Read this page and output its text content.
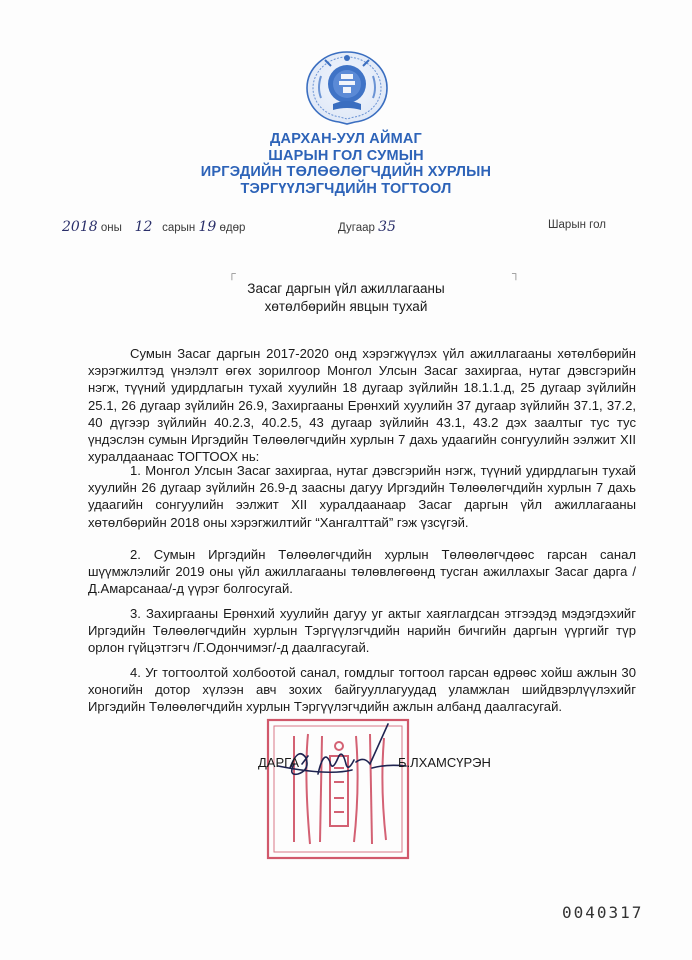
ДАРХАН-УУЛ АЙМАГ
ШАРЫН ГОЛ СУМЫН
ИРГЭДИЙН ТӨЛӨӨЛӨГЧДИЙН ХУРЛЫН
ТЭРГҮҮЛЭГЧДИЙН ТОГТООЛ
2018 оны 12 сарын 19 өдөр	Дугаар 35	Шарын гол
┌	┐
Засаг даргын үйл ажиллагааны
хөтөлбөрийн явцын тухай

Сумын Засаг даргын 2017-2020 онд хэрэгжүүлэх үйл ажиллагааны хөтөлбөрийн хэрэгжилтэд үнэлэлт өгөх зорилгоор Монгол Улсын Засаг захиргаа, нутаг дэвсгэрийн нэгж, түүний удирдлагын тухай хуулийн 18 дугаар зүйлийн 18.1.1.д, 25 дугаар зүйлийн 25.1, 26 дугаар зүйлийн 26.9, Захиргааны Ерөнхий хуулийн 37 дугаар зүйлийн 37.1, 37.2, 40 дүгээр зүйлийн 40.2.3, 40.2.5, 43 дугаар зүйлийн 43.1, 43.2 дэх заалтыг тус тус үндэслэн сумын Иргэдийн Төлөөлөгчдийн хурлын 7 дахь удаагийн сонгуулийн ээлжит XII хуралдаанаас ТОГТООХ нь:

1. Монгол Улсын Засаг захиргаа, нутаг дэвсгэрийн нэгж, түүний удирдлагын тухай хуулийн 26 дугаар зүйлийн 26.9-д заасны дагуу Иргэдийн Төлөөлөгчдийн хурлын 7 дахь удаагийн сонгуулийн ээлжит XII хуралдаанаар Засаг даргын үйл ажиллагааны хөтөлбөрийн 2018 оны хэрэгжилтийг “Хангалттай” гэж үзсүгэй.

2. Сумын Иргэдийн Төлөөлөгчдийн хурлын Төлөөлөгчдөөс гарсан санал шүүмжлэлийг 2019 оны үйл ажиллагааны төлөвлөгөөнд тусган ажиллахыг Засаг дарга /Д.Амарсанаа/-д үүрэг болгосугай.

3. Захиргааны Ерөнхий хуулийн дагуу уг актыг хаяглагдсан этгээдэд мэдэгдэхийг Иргэдийн Төлөөлөгчдийн хурлын Тэргүүлэгчдийн нарийн бичгийн даргын үүргийг түр орлон гүйцэтгэгч /Г.Одончимэг/-д даалгасугай.

4. Уг тогтоолтой холбоотой санал, гомдлыг тогтоол гарсан өдрөөс хойш ажлын 30 хоногийн дотор хүлээн авч зохих байгууллагуудад уламжлан шийдвэрлүүлэхийг Иргэдийн Төлөөлөгчдийн хурлын Тэргүүлэгчдийн ажлын албанд даалгасугай.

ДАРГА	Б.ЛХАМСҮРЭН
0040317
